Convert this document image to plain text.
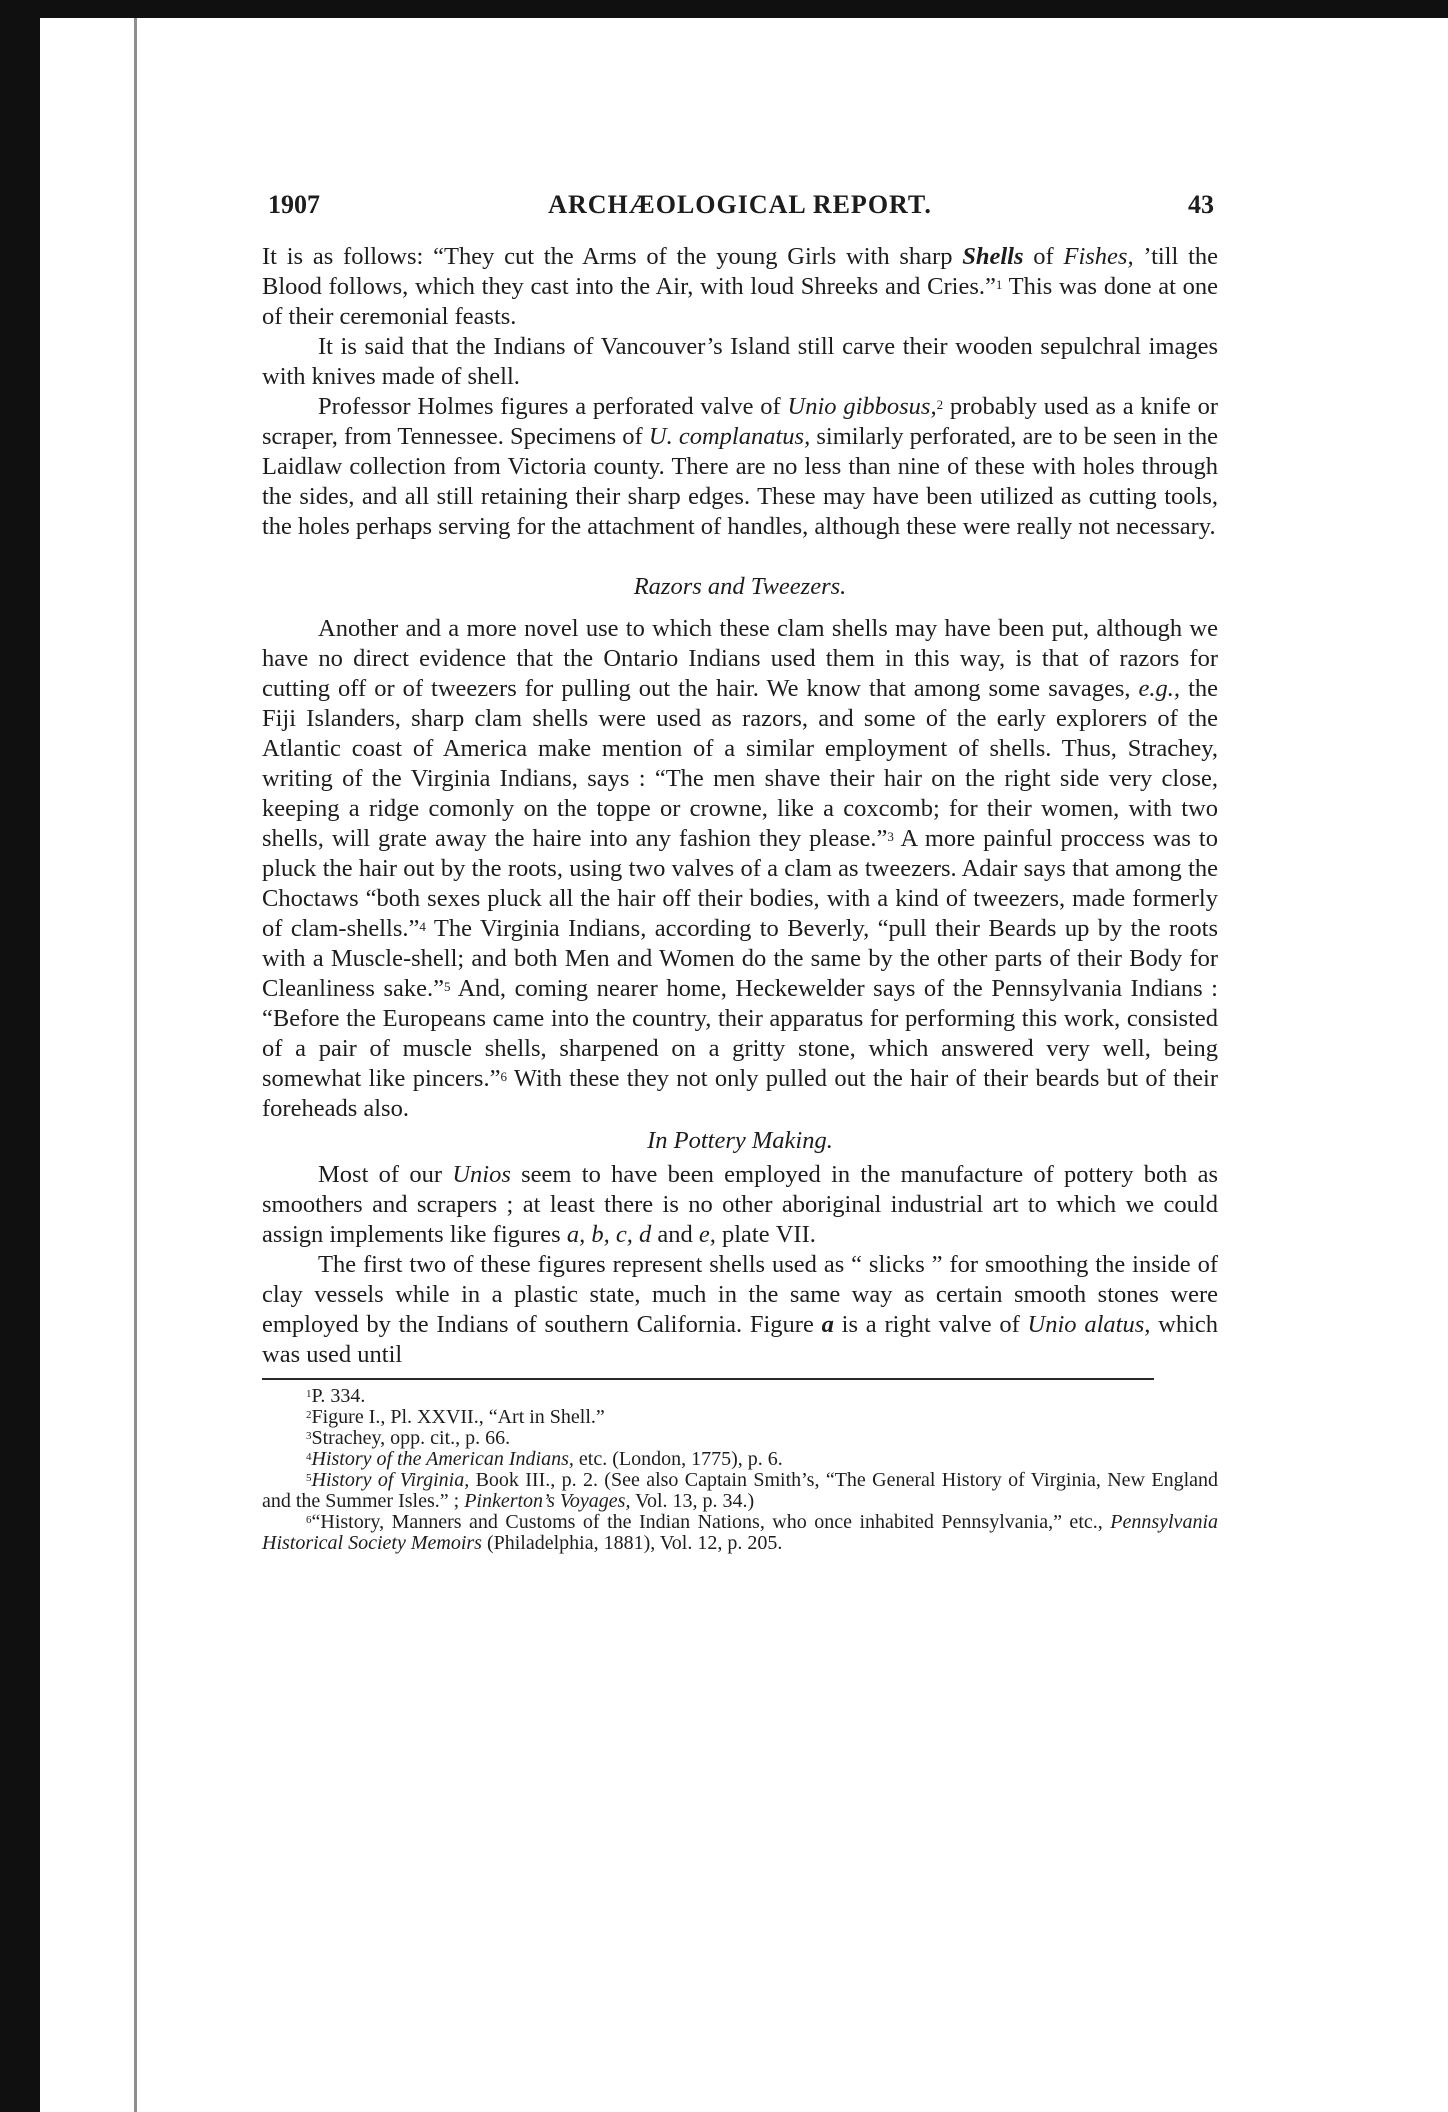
1907	ARCHÆOLOGICAL REPORT.	43

It is as follows: “They cut the Arms of the young Girls with sharp Shells of Fishes, ’till the Blood follows, which they cast into the Air, with loud Shreeks and Cries.”$^1$ This was done at one of their ceremonial feasts.

It is said that the Indians of Vancouver’s Island still carve their wooden sepulchral images with knives made of shell.

Professor Holmes figures a perforated valve of Unio gibbosus,$^2$ probably used as a knife or scraper, from Tennessee. Specimens of U. complanatus, similarly perforated, are to be seen in the Laidlaw collection from Victoria county. There are no less than nine of these with holes through the sides, and all still retaining their sharp edges. These may have been utilized as cutting tools, the holes perhaps serving for the attachment of handles, although these were really not necessary.

Razors and Tweezers.

Another and a more novel use to which these clam shells may have been put, although we have no direct evidence that the Ontario Indians used them in this way, is that of razors for cutting off or of tweezers for pulling out the hair. We know that among some savages, e.g., the Fiji Islanders, sharp clam shells were used as razors, and some of the early explorers of the Atlantic coast of America make mention of a similar employment of shells. Thus, Strachey, writing of the Virginia Indians, says : “The men shave their hair on the right side very close, keeping a ridge comonly on the toppe or crowne, like a coxcomb; for their women, with two shells, will grate away the haire into any fashion they please.”$^3$ A more painful proccess was to pluck the hair out by the roots, using two valves of a clam as tweezers. Adair says that among the Choctaws “both sexes pluck all the hair off their bodies, with a kind of tweezers, made formerly of clam-shells.”$^4$ The Virginia Indians, according to Beverly, “pull their Beards up by the roots with a Muscle-shell; and both Men and Women do the same by the other parts of their Body for Cleanliness sake.”$^5$ And, coming nearer home, Heckewelder says of the Pennsylvania Indians : “Before the Europeans came into the country, their apparatus for performing this work, consisted of a pair of muscle shells, sharpened on a gritty stone, which answered very well, being somewhat like pincers.”$^6$ With these they not only pulled out the hair of their beards but of their foreheads also.

In Pottery Making.

Most of our Unios seem to have been employed in the manufacture of pottery both as smoothers and scrapers ; at least there is no other aboriginal industrial art to which we could assign implements like figures a, b, c, d and e, plate VII.

The first two of these figures represent shells used as “ slicks ” for smoothing the inside of clay vessels while in a plastic state, much in the same way as certain smooth stones were employed by the Indians of southern California. Figure a is a right valve of Unio alatus, which was used until

$^1$P. 334.

$^2$Figure I., Pl. XXVII., “Art in Shell.”

$^3$Strachey, opp. cit., p. 66.

$^4$History of the American Indians, etc. (London, 1775), p. 6.

$^5$History of Virginia, Book III., p. 2. (See also Captain Smith’s, “The General History of Virginia, New England and the Summer Isles.” ; Pinkerton’s Voyages, Vol. 13, p. 34.)

$^6$“History, Manners and Customs of the Indian Nations, who once inhabited Pennsylvania,” etc., Pennsylvania Historical Society Memoirs (Philadelphia, 1881), Vol. 12, p. 205.
